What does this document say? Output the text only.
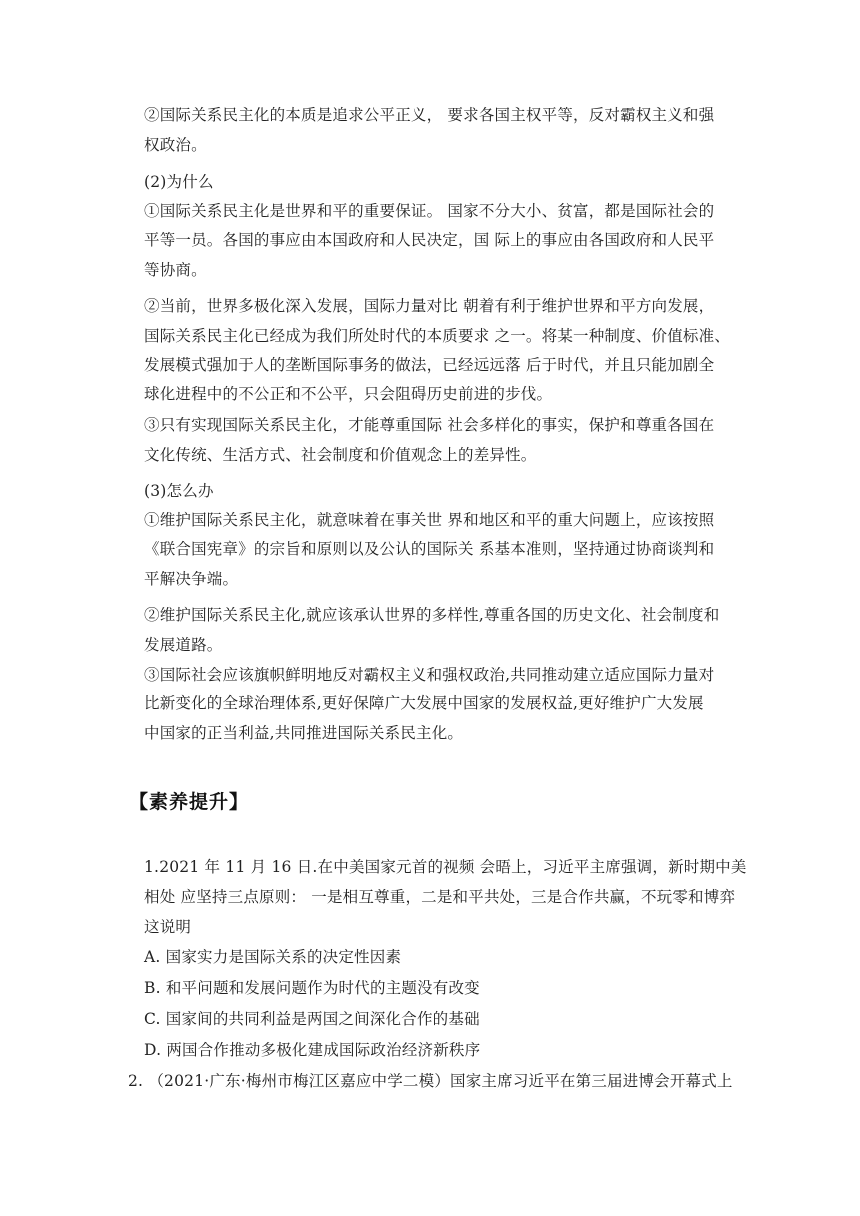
②国际关系民主化的本质是追求公平正义， 要求各国主权平等，反对霸权主义和强
权政治。
(2)为什么
①国际关系民主化是世界和平的重要保证。 国家不分大小、贫富，都是国际社会的
平等一员。各国的事应由本国政府和人民决定，国 际上的事应由各国政府和人民平
等协商。
②当前，世界多极化深入发展，国际力量对比 朝着有利于维护世界和平方向发展，
国际关系民主化已经成为我们所处时代的本质要求 之一。将某一种制度、价值标准、
发展模式强加于人的垄断国际事务的做法，已经远远落 后于时代，并且只能加剧全
球化进程中的不公正和不公平，只会阻碍历史前进的步伐。
③只有实现国际关系民主化，才能尊重国际 社会多样化的事实，保护和尊重各国在
文化传统、生活方式、社会制度和价值观念上的差异性。
(3)怎么办
①维护国际关系民主化，就意味着在事关世 界和地区和平的重大问题上，应该按照
《联合国宪章》的宗旨和原则以及公认的国际关 系基本准则，坚持通过协商谈判和
平解决争端。
②维护国际关系民主化,就应该承认世界的多样性,尊重各国的历史文化、社会制度和
发展道路。
③国际社会应该旗帜鲜明地反对霸权主义和强权政治,共同推动建立适应国际力量对
比新变化的全球治理体系,更好保障广大发展中国家的发展权益,更好维护广大发展
中国家的正当利益,共同推进国际关系民主化。
【素养提升】
1.2021 年 11 月 16 日.在中美国家元首的视频 会晤上，习近平主席强调，新时期中美
相处 应坚持三点原则： 一是相互尊重，二是和平共处，三是合作共赢，不玩零和博弈
这说明
A. 国家实力是国际关系的决定性因素
B. 和平问题和发展问题作为时代的主题没有改变
C. 国家间的共同利益是两国之间深化合作的基础
D. 两国合作推动多极化建成国际政治经济新秩序
2. （2021·广东·梅州市梅江区嘉应中学二模）国家主席习近平在第三届进博会开幕式上
